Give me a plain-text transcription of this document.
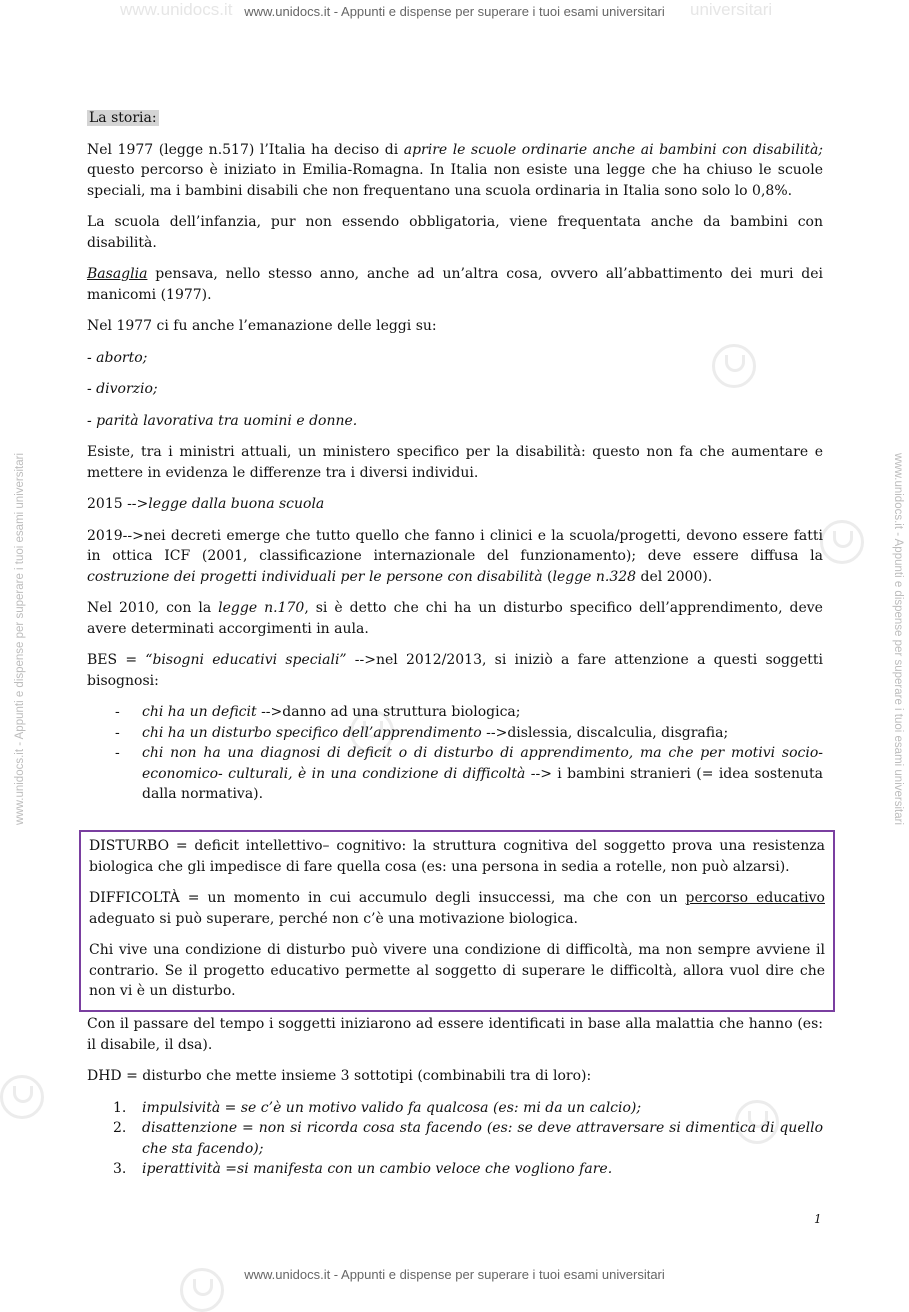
www.unidocs.it	universitari
www.unidocs.it - Appunti e dispense per superare i tuoi esami universitari
www.unidocs.it - Appunti e dispense per superare i tuoi esami universitari
www.unidocs.it - Appunti e dispense per superare i tuoi esami universitari	www.unidocs.it - Appunti e dispense per superare i tuoi esami universitari

La storia:

Nel 1977 (legge n.517) l’Italia ha deciso di aprire le scuole ordinarie anche ai bambini con disabilità; questo percorso è iniziato in Emilia-Romagna. In Italia non esiste una legge che ha chiuso le scuole speciali, ma i bambini disabili che non frequentano una scuola ordinaria in Italia sono solo lo 0,8%.

La scuola dell’infanzia, pur non essendo obbligatoria, viene frequentata anche da bambini con disabilità.

Basaglia pensava, nello stesso anno, anche ad un’altra cosa, ovvero all’abbattimento dei muri dei manicomi (1977).

Nel 1977 ci fu anche l’emanazione delle leggi su:

- aborto;

- divorzio;

- parità lavorativa tra uomini e donne.

Esiste, tra i ministri attuali, un ministero specifico per la disabilità: questo non fa che aumentare e mettere in evidenza le differenze tra i diversi individui.

2015 -->legge dalla buona scuola

2019-->nei decreti emerge che tutto quello che fanno i clinici e la scuola/progetti, devono essere fatti in ottica ICF (2001, classificazione internazionale del funzionamento); deve essere diffusa la costruzione dei progetti individuali per le persone con disabilità (legge n.328 del 2000).

Nel 2010, con la legge n.170, si è detto che chi ha un disturbo specifico dell’apprendimento, deve avere determinati accorgimenti in aula.

BES = “bisogni educativi speciali” -->nel 2012/2013, si iniziò a fare attenzione a questi soggetti bisognosi:

- chi ha un deficit -->danno ad una struttura biologica;
- chi ha un disturbo specifico dell’apprendimento -->dislessia, discalculia, disgrafia;
- chi non ha una diagnosi di deficit o di disturbo di apprendimento, ma che per motivi socio-economico- culturali, è in una condizione di difficoltà --> i bambini stranieri (= idea sostenuta dalla normativa).

DISTURBO = deficit intellettivo– cognitivo: la struttura cognitiva del soggetto prova una resistenza biologica che gli impedisce di fare quella cosa (es: una persona in sedia a rotelle, non può alzarsi).

DIFFICOLTÀ = un momento in cui accumulo degli insuccessi, ma che con un percorso educativo adeguato si può superare, perché non c’è una motivazione biologica.

Chi vive una condizione di disturbo può vivere una condizione di difficoltà, ma non sempre avviene il contrario. Se il progetto educativo permette al soggetto di superare le difficoltà, allora vuol dire che non vi è un disturbo.

Con il passare del tempo i soggetti iniziarono ad essere identificati in base alla malattia che hanno (es: il disabile, il dsa).

DHD = disturbo che mette insieme 3 sottotipi (combinabili tra di loro):

1. impulsività = se c’è un motivo valido fa qualcosa (es: mi da un calcio);
2. disattenzione = non si ricorda cosa sta facendo (es: se deve attraversare si dimentica di quello che sta facendo);
3. iperattività =si manifesta con un cambio veloce che vogliono fare.
1
